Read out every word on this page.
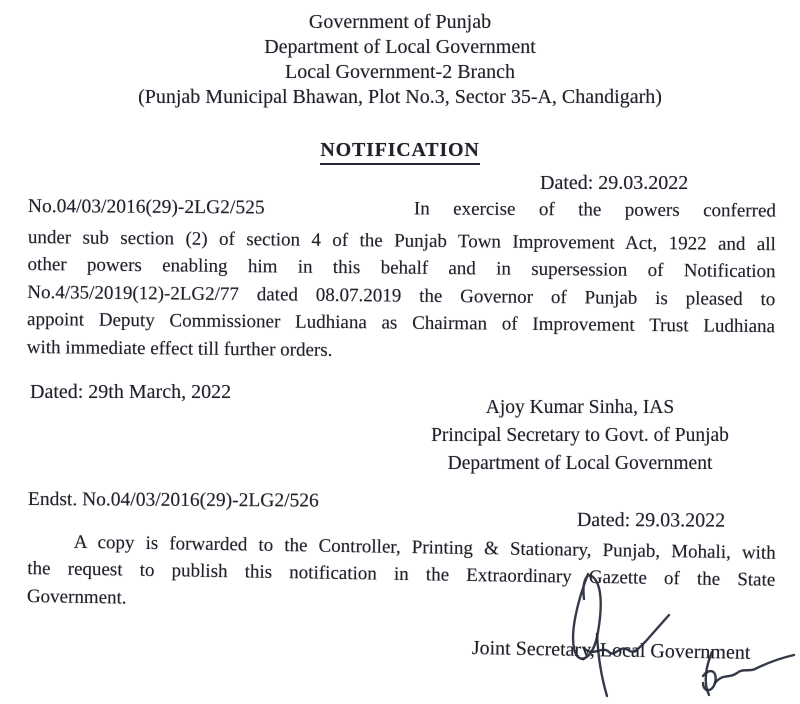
Government of Punjab
Department of Local Government
Local Government-2 Branch
(Punjab Municipal Bhawan, Plot No.3, Sector 35-A, Chandigarh)
NOTIFICATION
Dated: 29.03.2022
No.04/03/2016(29)-2LG2/525	In exercise of the powers conferred
under sub section (2) of section 4 of the Punjab Town Improvement Act, 1922 and all
other powers enabling him in this behalf and in supersession of Notification
No.4/35/2019(12)-2LG2/77 dated 08.07.2019 the Governor of Punjab is pleased to
appoint Deputy Commissioner Ludhiana as Chairman of Improvement Trust Ludhiana
with immediate effect till further orders.
Dated: 29th March, 2022
Ajoy Kumar Sinha, IAS
Principal Secretary to Govt. of Punjab
Department of Local Government
Endst. No.04/03/2016(29)-2LG2/526
Dated: 29.03.2022
A copy is forwarded to the Controller, Printing & Stationary, Punjab, Mohali, with
the request to publish this notification in the Extraordinary Gazette of the State
Government.
Joint Secretary, Local Government
